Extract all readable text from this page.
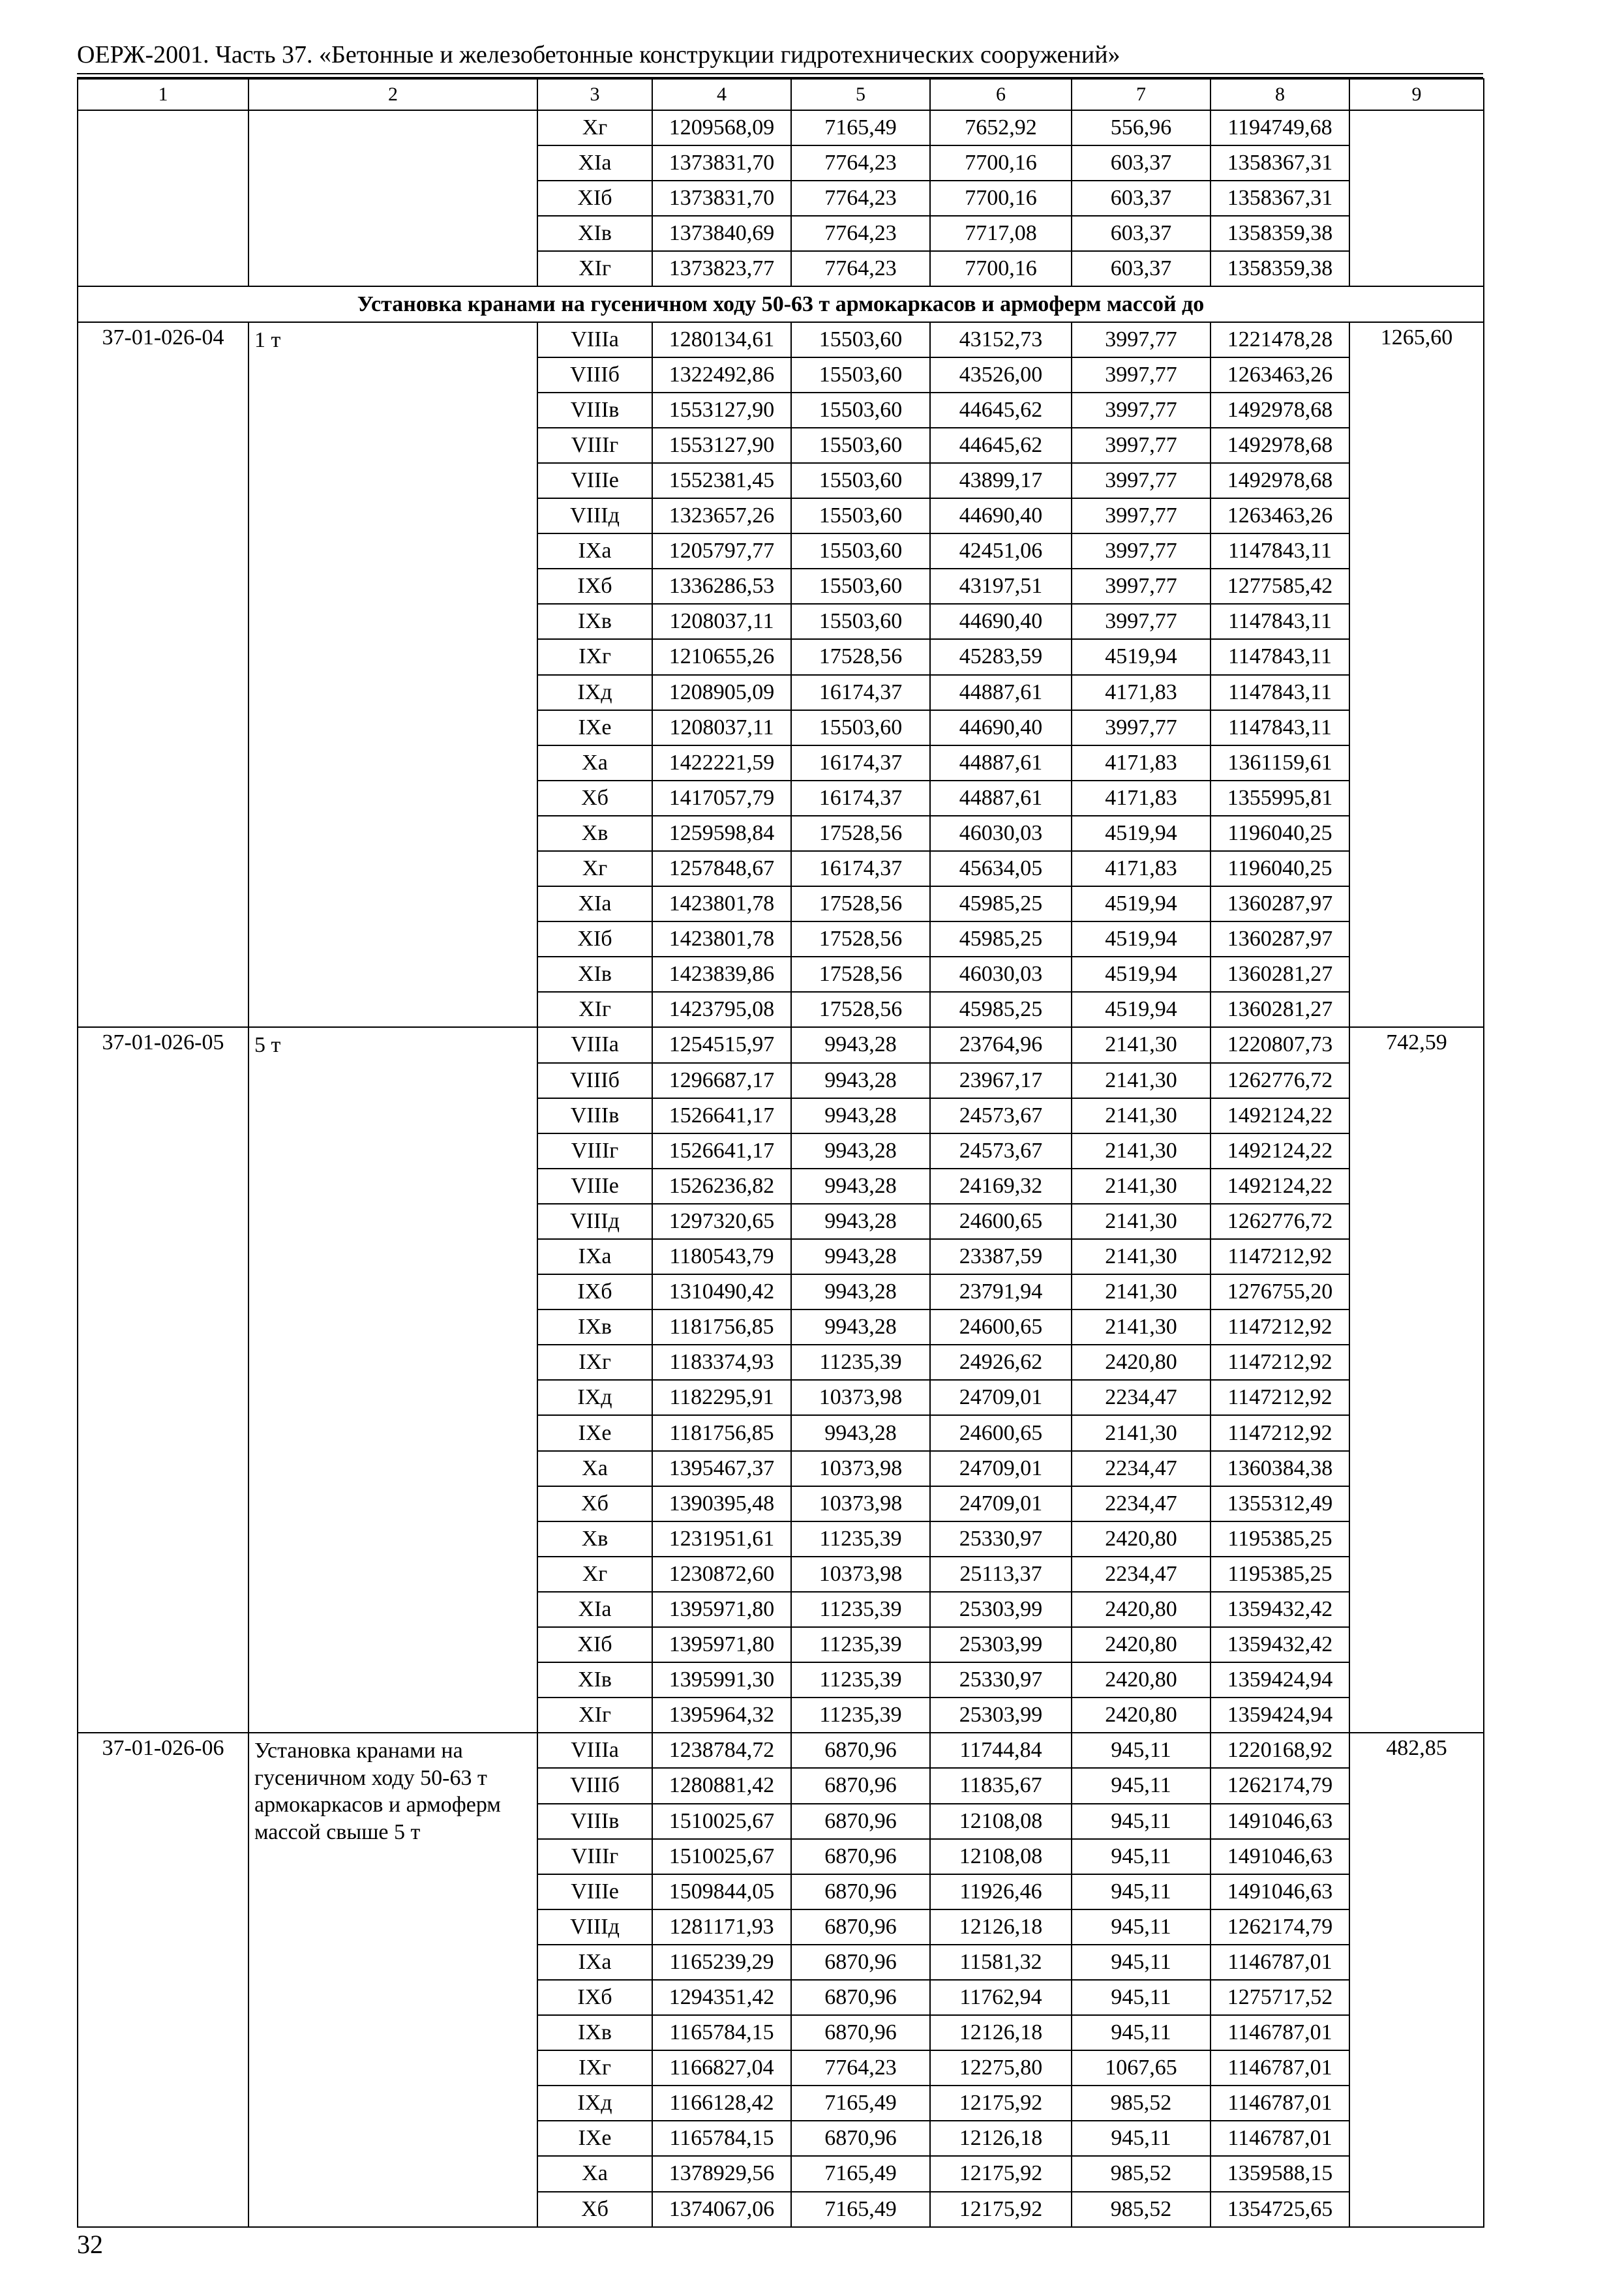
ОЕРЖ-2001. Часть 37. «Бетонные и железобетонные конструкции гидротехнических сооружений»
1	2	3	4	5	6	7	8	9
		Хг	1209568,09	7165,49	7652,92	556,96	1194749,68	
		XIа	1373831,70	7764,23	7700,16	603,37	1358367,31	
		XIб	1373831,70	7764,23	7700,16	603,37	1358367,31	
		XIв	1373840,69	7764,23	7717,08	603,37	1358359,38	
		XIг	1373823,77	7764,23	7700,16	603,37	1358359,38	
Установка кранами на гусеничном ходу 50-63 т армокаркасов и армоферм массой до								
37-01-026-04	1 т	VIIIа	1280134,61	15503,60	43152,73	3997,77	1221478,28	1265,60
		VIIIб	1322492,86	15503,60	43526,00	3997,77	1263463,26	
		VIIIв	1553127,90	15503,60	44645,62	3997,77	1492978,68	
		VIIIг	1553127,90	15503,60	44645,62	3997,77	1492978,68	
		VIIIе	1552381,45	15503,60	43899,17	3997,77	1492978,68	
		VIIIд	1323657,26	15503,60	44690,40	3997,77	1263463,26	
		IХа	1205797,77	15503,60	42451,06	3997,77	1147843,11	
		IХб	1336286,53	15503,60	43197,51	3997,77	1277585,42	
		IХв	1208037,11	15503,60	44690,40	3997,77	1147843,11	
		IХг	1210655,26	17528,56	45283,59	4519,94	1147843,11	
		IХд	1208905,09	16174,37	44887,61	4171,83	1147843,11	
		IХе	1208037,11	15503,60	44690,40	3997,77	1147843,11	
		Ха	1422221,59	16174,37	44887,61	4171,83	1361159,61	
		Хб	1417057,79	16174,37	44887,61	4171,83	1355995,81	
		Хв	1259598,84	17528,56	46030,03	4519,94	1196040,25	
		Хг	1257848,67	16174,37	45634,05	4171,83	1196040,25	
		XIа	1423801,78	17528,56	45985,25	4519,94	1360287,97	
		XIб	1423801,78	17528,56	45985,25	4519,94	1360287,97	
		XIв	1423839,86	17528,56	46030,03	4519,94	1360281,27	
		XIг	1423795,08	17528,56	45985,25	4519,94	1360281,27	
37-01-026-05	5 т	VIIIа	1254515,97	9943,28	23764,96	2141,30	1220807,73	742,59
		VIIIб	1296687,17	9943,28	23967,17	2141,30	1262776,72	
		VIIIв	1526641,17	9943,28	24573,67	2141,30	1492124,22	
		VIIIг	1526641,17	9943,28	24573,67	2141,30	1492124,22	
		VIIIе	1526236,82	9943,28	24169,32	2141,30	1492124,22	
		VIIIд	1297320,65	9943,28	24600,65	2141,30	1262776,72	
		IХа	1180543,79	9943,28	23387,59	2141,30	1147212,92	
		IХб	1310490,42	9943,28	23791,94	2141,30	1276755,20	
		IХв	1181756,85	9943,28	24600,65	2141,30	1147212,92	
		IХг	1183374,93	11235,39	24926,62	2420,80	1147212,92	
		IХд	1182295,91	10373,98	24709,01	2234,47	1147212,92	
		IХе	1181756,85	9943,28	24600,65	2141,30	1147212,92	
		Ха	1395467,37	10373,98	24709,01	2234,47	1360384,38	
		Хб	1390395,48	10373,98	24709,01	2234,47	1355312,49	
		Хв	1231951,61	11235,39	25330,97	2420,80	1195385,25	
		Хг	1230872,60	10373,98	25113,37	2234,47	1195385,25	
		XIа	1395971,80	11235,39	25303,99	2420,80	1359432,42	
		XIб	1395971,80	11235,39	25303,99	2420,80	1359432,42	
		XIв	1395991,30	11235,39	25330,97	2420,80	1359424,94	
		XIг	1395964,32	11235,39	25303,99	2420,80	1359424,94	
37-01-026-06	Установка кранами на гусеничном ходу 50-63 т армокаркасов и армоферм массой свыше 5 т	VIIIа	1238784,72	6870,96	11744,84	945,11	1220168,92	482,85
		VIIIб	1280881,42	6870,96	11835,67	945,11	1262174,79	
		VIIIв	1510025,67	6870,96	12108,08	945,11	1491046,63	
		VIIIг	1510025,67	6870,96	12108,08	945,11	1491046,63	
		VIIIе	1509844,05	6870,96	11926,46	945,11	1491046,63	
		VIIIд	1281171,93	6870,96	12126,18	945,11	1262174,79	
		IХа	1165239,29	6870,96	11581,32	945,11	1146787,01	
		IХб	1294351,42	6870,96	11762,94	945,11	1275717,52	
		IХв	1165784,15	6870,96	12126,18	945,11	1146787,01	
		IХг	1166827,04	7764,23	12275,80	1067,65	1146787,01	
		IХд	1166128,42	7165,49	12175,92	985,52	1146787,01	
		IХе	1165784,15	6870,96	12126,18	945,11	1146787,01	
		Ха	1378929,56	7165,49	12175,92	985,52	1359588,15	
		Хб	1374067,06	7165,49	12175,92	985,52	1354725,65	
32
